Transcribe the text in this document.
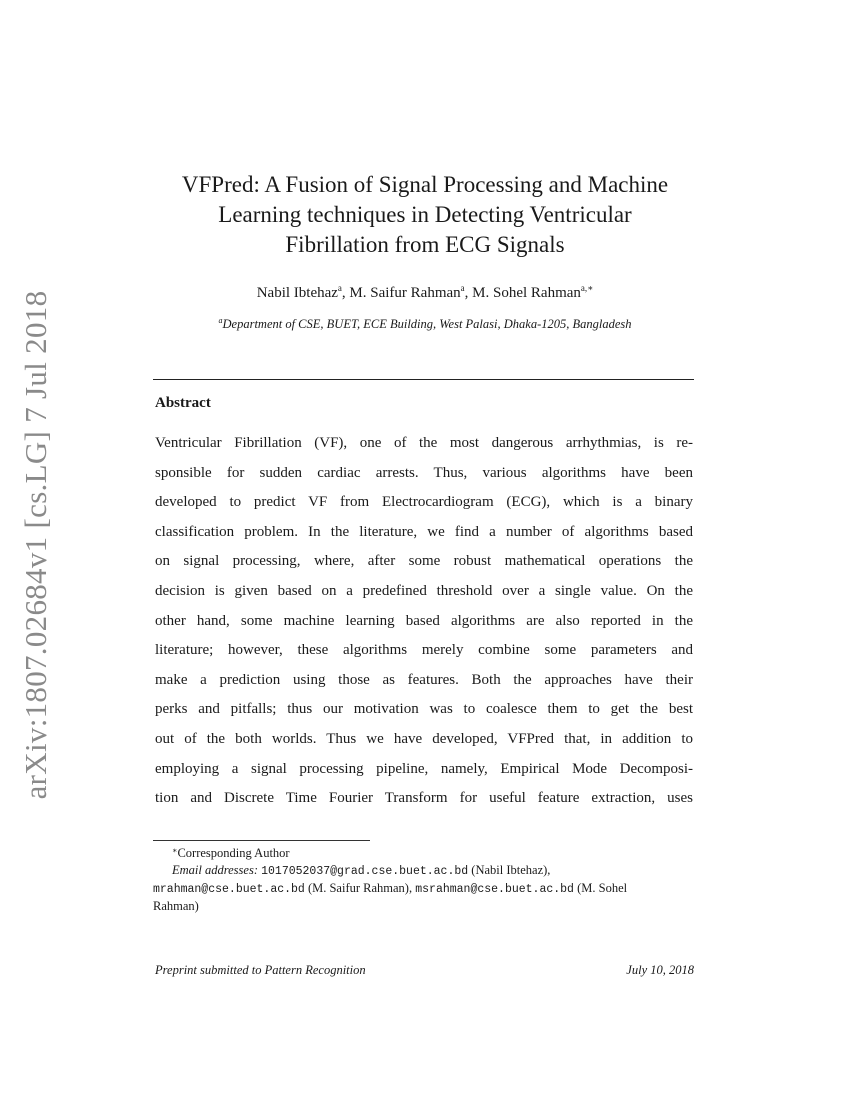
arXiv:1807.02684v1 [cs.LG] 7 Jul 2018
VFPred: A Fusion of Signal Processing and Machine
Learning techniques in Detecting Ventricular
Fibrillation from ECG Signals
Nabil Ibtehaz$^a$, M. Saifur Rahman$^a$, M. Sohel Rahman$^{a,∗}$
$^a$Department of CSE, BUET, ECE Building, West Palasi, Dhaka-1205, Bangladesh
Abstract
Ventricular Fibrillation (VF), one of the most dangerous arrhythmias, is re-
sponsible for sudden cardiac arrests. Thus, various algorithms have been
developed to predict VF from Electrocardiogram (ECG), which is a binary
classification problem. In the literature, we find a number of algorithms based
on signal processing, where, after some robust mathematical operations the
decision is given based on a predefined threshold over a single value. On the
other hand, some machine learning based algorithms are also reported in the
literature; however, these algorithms merely combine some parameters and
make a prediction using those as features. Both the approaches have their
perks and pitfalls; thus our motivation was to coalesce them to get the best
out of the both worlds. Thus we have developed, VFPred that, in addition to
employing a signal processing pipeline, namely, Empirical Mode Decomposi-
tion and Discrete Time Fourier Transform for useful feature extraction, uses
∗Corresponding Author
Email addresses: 1017052037@grad.cse.buet.ac.bd (Nabil Ibtehaz),
mrahman@cse.buet.ac.bd (M. Saifur Rahman), msrahman@cse.buet.ac.bd (M. Sohel
Rahman)
Preprint submitted to Pattern Recognition	July 10, 2018
